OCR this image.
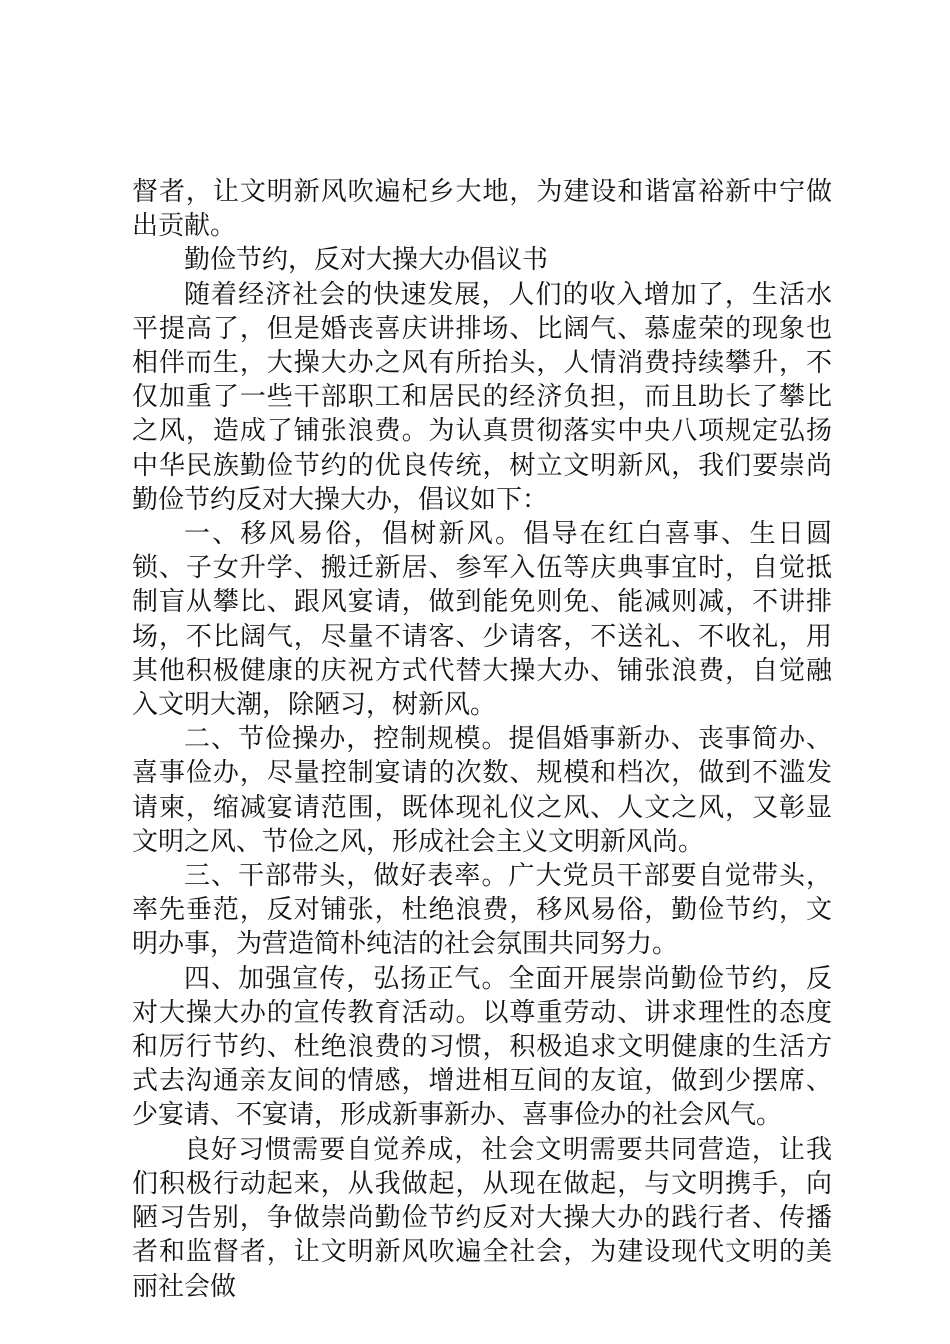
督者，让文明新风吹遍杞乡大地，为建设和谐富裕新中宁做出贡献。

勤俭节约，反对大操大办倡议书

随着经济社会的快速发展，人们的收入增加了，生活水平提高了，但是婚丧喜庆讲排场、比阔气、慕虚荣的现象也相伴而生，大操大办之风有所抬头，人情消费持续攀升，不仅加重了一些干部职工和居民的经济负担，而且助长了攀比之风，造成了铺张浪费。为认真贯彻落实中央八项规定弘扬中华民族勤俭节约的优良传统，树立文明新风，我们要崇尚勤俭节约反对大操大办，倡议如下：

一、移风易俗，倡树新风。倡导在红白喜事、生日圆锁、子女升学、搬迁新居、参军入伍等庆典事宜时，自觉抵制盲从攀比、跟风宴请，做到能免则免、能减则减，不讲排场，不比阔气，尽量不请客、少请客，不送礼、不收礼，用其他积极健康的庆祝方式代替大操大办、铺张浪费，自觉融入文明大潮，除陋习，树新风。

二、节俭操办，控制规模。提倡婚事新办、丧事简办、喜事俭办，尽量控制宴请的次数、规模和档次，做到不滥发请柬，缩减宴请范围，既体现礼仪之风、人文之风，又彰显文明之风、节俭之风，形成社会主义文明新风尚。

三、干部带头，做好表率。广大党员干部要自觉带头，率先垂范，反对铺张，杜绝浪费，移风易俗，勤俭节约，文明办事，为营造简朴纯洁的社会氛围共同努力。

四、加强宣传，弘扬正气。全面开展崇尚勤俭节约，反对大操大办的宣传教育活动。以尊重劳动、讲求理性的态度和厉行节约、杜绝浪费的习惯，积极追求文明健康的生活方式去沟通亲友间的情感，增进相互间的友谊，做到少摆席、少宴请、不宴请，形成新事新办、喜事俭办的社会风气。

良好习惯需要自觉养成，社会文明需要共同营造，让我们积极行动起来，从我做起，从现在做起，与文明携手，向陋习告别，争做崇尚勤俭节约反对大操大办的践行者、传播者和监督者，让文明新风吹遍全社会，为建设现代文明的美丽社会做
